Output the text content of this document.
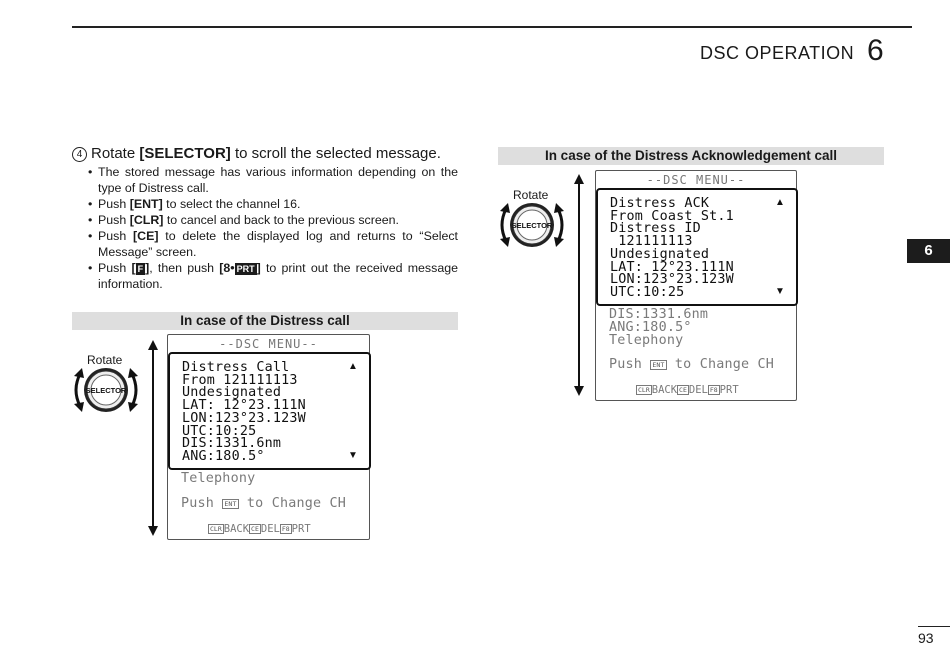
DSC OPERATION 6
6
93
4 Rotate [SELECTOR] to scroll the selected message.
• The stored message has various information depending on the type of Distress call.
• Push [ENT] to select the channel 16.
• Push [CLR] to cancel and back to the previous screen.
• Push [CE] to delete the displayed log and returns to “Select Message” screen.
• Push [ F ], then push [8• PRT ] to print out the received message information.
In case of the Distress call
Rotate
SELECTOR
--DSC MENU--
Distress Call
From 121111113
Undesignated
LAT: 12°23.111N
LON:123°23.123W
UTC:10:25
DIS:1331.6nm
ANG:180.5°
▲
▼
Telephony
Push ENT to Change CH
CLR BACK CE DEL F8 PRT
In case of the Distress Acknowledgement call
Rotate
SELECTOR
--DSC MENU--
Distress ACK
From Coast St.1
Distress ID
121111113
Undesignated
LAT: 12°23.111N
LON:123°23.123W
UTC:10:25
▲
▼
DIS:1331.6nm
ANG:180.5°
Telephony
Push ENT to Change CH
CLR BACK CE DEL F8 PRT
